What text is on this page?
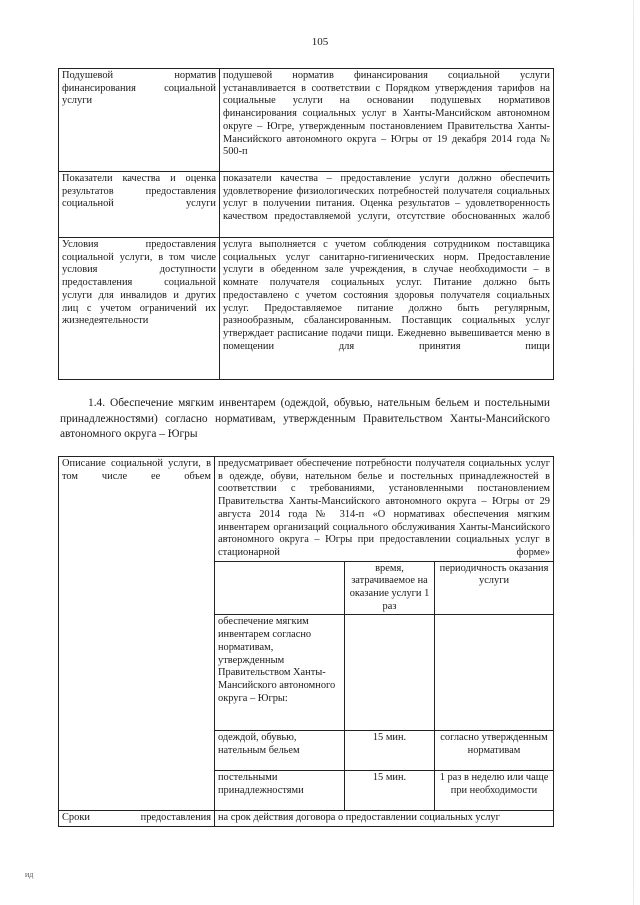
105
Подушевой норматив финансирования социальной услуги	подушевой норматив финансирования социальной услуги устанавливается в соответствии с Порядком утверждения тарифов на социальные услуги на основании подушевых нормативов финансирования социальных услуг в Ханты-Мансийском автономном округе – Югре, утвержденным постановлением Правительства Ханты-Мансийского автономного округа – Югры от 19 декабря 2014 года № 500-п
Показатели качества и оценка результатов предоставления социальной услуги	показатели качества – предоставление услуги должно обеспечить удовлетворение физиологических потребностей получателя социальных услуг в получении питания. Оценка результатов – удовлетворенность качеством предоставляемой услуги, отсутствие обоснованных жалоб
Условия предоставления социальной услуги, в том числе условия доступности предоставления социальной услуги для инвалидов и других лиц с учетом ограничений их жизнедеятельности	услуга выполняется с учетом соблюдения сотрудником поставщика социальных услуг санитарно-гигиенических норм. Предоставление услуги в обеденном зале учреждения, в случае необходимости – в комнате получателя социальных услуг. Питание должно быть предоставлено с учетом состояния здоровья получателя социальных услуг. Предоставляемое питание должно быть регулярным, разнообразным, сбалансированным. Поставщик социальных услуг утверждает расписание подачи пищи. Ежедневно вывешивается меню в помещении для принятия пищи
1.4. Обеспечение мягким инвентарем (одеждой, обувью, нательным бельем и постельными принадлежностями) согласно нормативам, утвержденным Правительством Ханты-Мансийского автономного округа – Югры
Описание социальной услуги, в том числе ее объем	предусматривает обеспечение потребности получателя социальных услуг в одежде, обуви, нательном белье и постельных принадлежностей в соответствии с требованиями, установленными постановлением Правительства Ханты-Мансийского автономного округа – Югры от 29 августа 2014 года № 314-п «О нормативах обеспечения мягким инвентарем организаций социального обслуживания Ханты-Мансийского автономного округа – Югры при предоставлении социальных услуг в стационарной форме»		
		время, затрачиваемое на оказание услуги 1 раз	периодичность оказания услуги
	обеспечение мягким инвентарем согласно нормативам, утвержденным Правительством Ханты-Мансийского автономного округа – Югры:		
	одеждой, обувью, нательным бельем	15 мин.	согласно утвержденным нормативам
	постельными принадлежностями	15 мин.	1 раз в неделю или чаще при необходимости
Сроки предоставления	на срок действия договора о предоставлении социальных услуг		
ид
